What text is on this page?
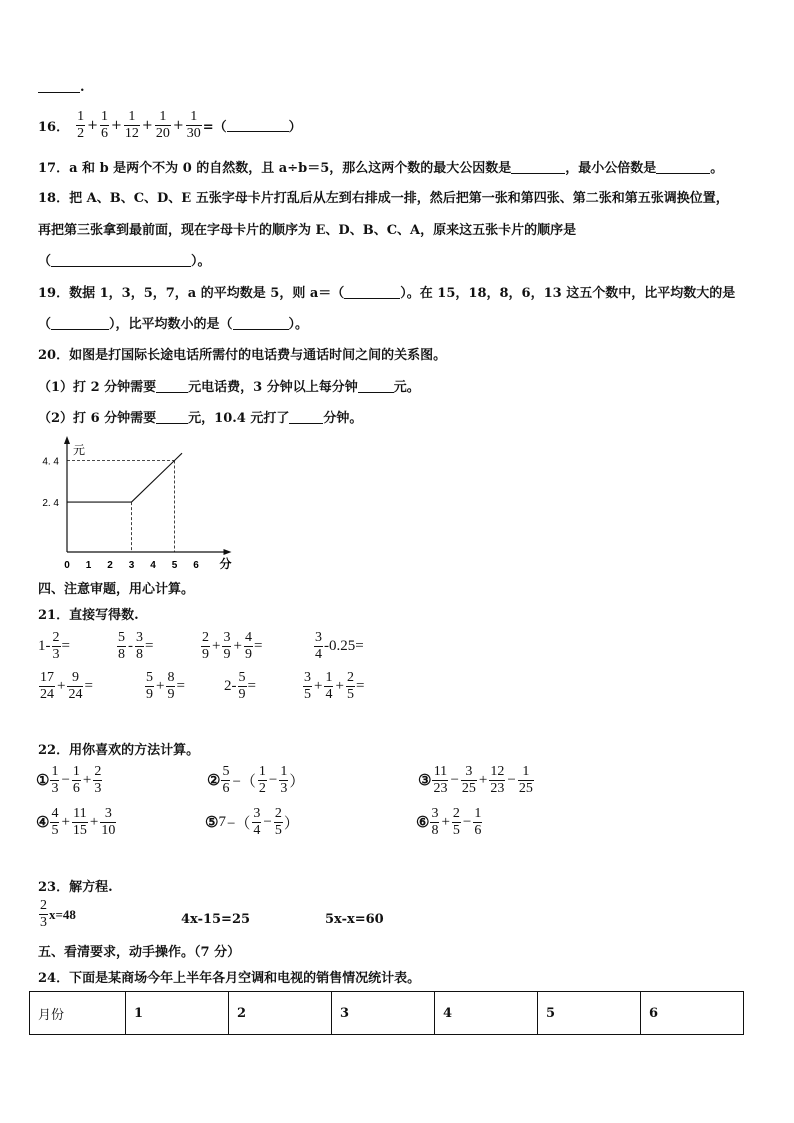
.
16． $\frac{1}{2} + \frac{1}{6} + \frac{1}{12} + \frac{1}{20} + \frac{1}{30}$ =（	）
17．a 和 b 是两个不为 0 的自然数，且 a÷b＝5，那么这两个数的最大公因数是	，最小公倍数是	。
18．把 A、B、C、D、E 五张字母卡片打乱后从左到右排成一排，然后把第一张和第四张、第二张和第五张调换位置，
再把第三张拿到最前面，现在字母卡片的顺序为 E、D、B、C、A，原来这五张卡片的顺序是
（	）。
19．数据 1，3，5，7，a 的平均数是 5，则 a＝（	）。在 15，18，8，6，13 这五个数中，比平均数大的是
（	），比平均数小的是（	）。
20．如图是打国际长途电话所需付的电话费与通话时间之间的关系图。
（1）打 2 分钟需要 元电话费，3 分钟以上每分钟	元。
（2）打 6 分钟需要 元，10.4 元打了	分钟。
元
分
0 1 2 3 4 5 6
2. 4
4. 4
四、注意审题，用心计算。
21．直接写得数.
$1- \frac{2}{3}$ =	$\frac{5}{8} - \frac{3}{8}$ =	$\frac{2}{9} + \frac{3}{9} + \frac{4}{9}$ =	$\frac{3}{4} -0.25=$
$\frac{17}{24} + \frac{9}{24}$ =	$\frac{5}{9} + \frac{8}{9}$ =	$2- \frac{5}{9}$ =	$\frac{3}{5} + \frac{1}{4} + \frac{2}{5}$ =
22．用你喜欢的方法计算。
① $\frac{1}{3} - \frac{1}{6} + \frac{2}{3}$	② $\frac{5}{6}$ −（ $\frac{1}{2} - \frac{1}{3}$ ）	③ $\frac{11}{23} - \frac{3}{25} + \frac{12}{23} - \frac{1}{25}$
④ $\frac{4}{5} + \frac{11}{15} + \frac{3}{10}$	⑤ 7 −（ $\frac{3}{4} - \frac{2}{5}$ ）	⑥ $\frac{3}{8} + \frac{2}{5} - \frac{1}{6}$
23．解方程.
$\frac{2}{3} x=48$	4x-15=25	5x-x=60
五、看清要求，动手操作。（7 分）
24．下面是某商场今年上半年各月空调和电视的销售情况统计表。
月份	1	2	3	4	5	6
